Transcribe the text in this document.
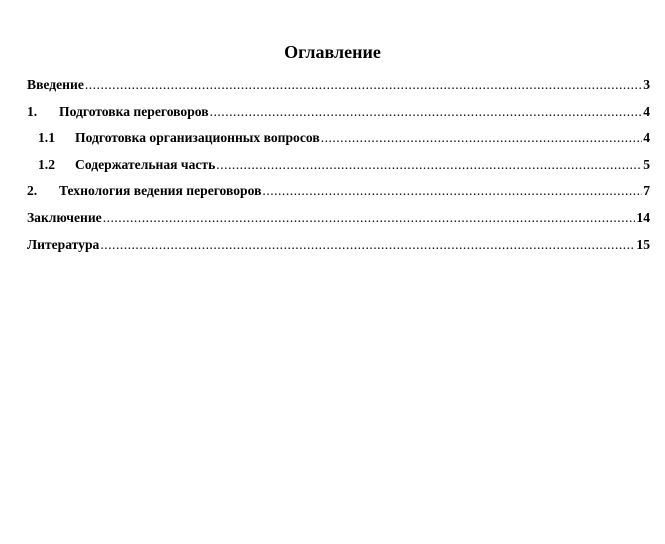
Оглавление
Введение .....	3
1.	Подготовка переговоров .....	4
1.1	Подготовка организационных вопросов .....	4
1.2	Содержательная часть .....	5
2.	Технология ведения переговоров .....	7
Заключение .....	14
Литература .....	15
